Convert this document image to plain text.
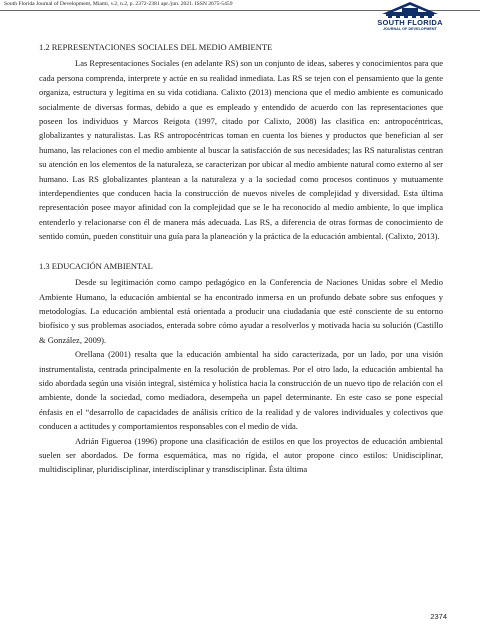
South Florida Journal of Development, Miami, v.2, n.2, p. 2372-2381 apr./jun. 2021. ISSN 2675-5459
SOUTH FLORIDA
JOURNAL OF DEVELOPMENT
1.2 REPRESENTACIONES SOCIALES DEL MEDIO AMBIENTE

Las Representaciones Sociales (en adelante RS) son un conjunto de ideas, saberes y conocimientos para que cada persona comprenda, interprete y actúe en su realidad inmediata. Las RS se tejen con el pensamiento que la gente organiza, estructura y legitima en su vida cotidiana. Calixto (2013) menciona que el medio ambiente es comunicado socialmente de diversas formas, debido a que es empleado y entendido de acuerdo con las representaciones que poseen los individuos y Marcos Reigota (1997, citado por Calixto, 2008) las clasifica en: antropocéntricas, globalizantes y naturalistas. Las RS antropocéntricas toman en cuenta los bienes y productos que benefician al ser humano, las relaciones con el medio ambiente al buscar la satisfacción de sus necesidades; las RS naturalistas centran su atención en los elementos de la naturaleza, se caracterizan por ubicar al medio ambiente natural como externo al ser humano. Las RS globalizantes plantean a la naturaleza y a la sociedad como procesos continuos y mutuamente interdependientes que conducen hacia la construcción de nuevos niveles de complejidad y diversidad. Esta última representación posee mayor afinidad con la complejidad que se le ha reconocido al medio ambiente, lo que implica entenderlo y relacionarse con él de manera más adecuada. Las RS, a diferencia de otras formas de conocimiento de sentido común, pueden constituir una guía para la planeación y la práctica de la educación ambiental. (Calixto, 2013).

1.3 EDUCACIÓN AMBIENTAL

Desde su legitimación como campo pedagógico en la Conferencia de Naciones Unidas sobre el Medio Ambiente Humano, la educación ambiental se ha encontrado inmersa en un profundo debate sobre sus enfoques y metodologías. La educación ambiental está orientada a producir una ciudadanía que esté consciente de su entorno biofísico y sus problemas asociados, enterada sobre cómo ayudar a resolverlos y motivada hacia su solución (Castillo & González, 2009).

Orellana (2001) resalta que la educación ambiental ha sido caracterizada, por un lado, por una visión instrumentalista, centrada principalmente en la resolución de problemas. Por el otro lado, la educación ambiental ha sido abordada según una visión integral, sistémica y holística hacia la construcción de un nuevo tipo de relación con el ambiente, donde la sociedad, como mediadora, desempeña un papel determinante. En este caso se pone especial énfasis en el “desarrollo de capacidades de análisis crítico de la realidad y de valores individuales y colectivos que conducen a actitudes y comportamientos responsables con el medio de vida.

Adrián Figueroa (1996) propone una clasificación de estilos en que los proyectos de educación ambiental suelen ser abordados. De forma esquemática, mas no rígida, el autor propone cinco estilos: Unidisciplinar, multidisciplinar, pluridisciplinar, interdisciplinar y transdisciplinar. Ésta última

2374
